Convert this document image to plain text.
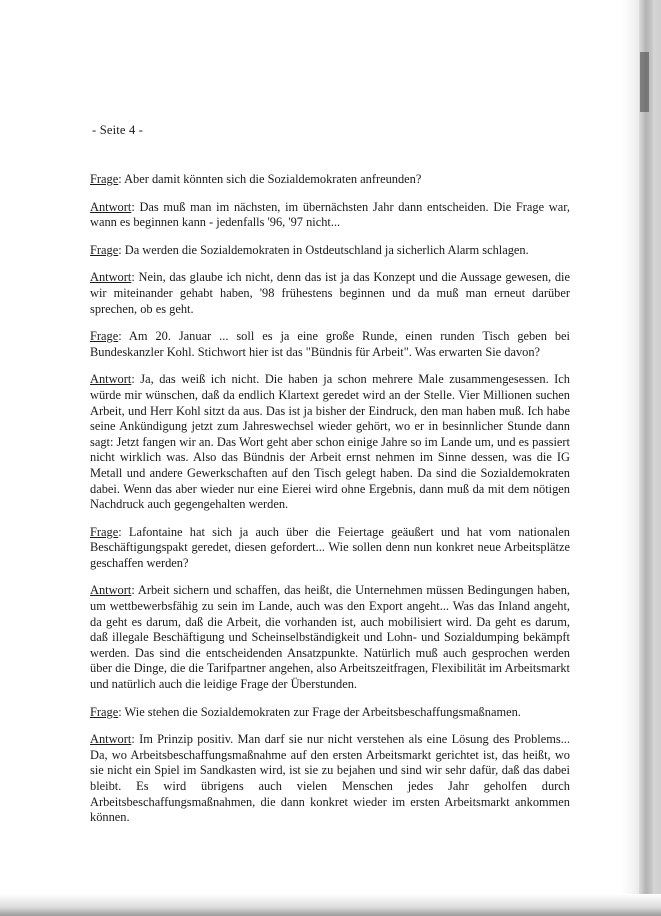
- Seite 4 -

Frage: Aber damit könnten sich die Sozialdemokraten anfreunden?

Antwort: Das muß man im nächsten, im übernächsten Jahr dann entscheiden. Die Frage war, wann es beginnen kann - jedenfalls '96, '97 nicht...

Frage: Da werden die Sozialdemokraten in Ostdeutschland ja sicherlich Alarm schlagen.

Antwort: Nein, das glaube ich nicht, denn das ist ja das Konzept und die Aussage gewesen, die wir miteinander gehabt haben, '98 frühestens beginnen und da muß man erneut darüber sprechen, ob es geht.

Frage: Am 20. Januar ... soll es ja eine große Runde, einen runden Tisch geben bei Bundeskanzler Kohl. Stichwort hier ist das "Bündnis für Arbeit". Was erwarten Sie davon?

Antwort: Ja, das weiß ich nicht. Die haben ja schon mehrere Male zusammengesessen. Ich würde mir wünschen, daß da endlich Klartext geredet wird an der Stelle. Vier Millionen suchen Arbeit, und Herr Kohl sitzt da aus. Das ist ja bisher der Eindruck, den man haben muß. Ich habe seine Ankündigung jetzt zum Jahreswechsel wieder gehört, wo er in besinnlicher Stunde dann sagt: Jetzt fangen wir an. Das Wort geht aber schon einige Jahre so im Lande um, und es passiert nicht wirklich was. Also das Bündnis der Arbeit ernst nehmen im Sinne dessen, was die IG Metall und andere Gewerkschaften auf den Tisch gelegt haben. Da sind die Sozialdemokraten dabei. Wenn das aber wieder nur eine Eierei wird ohne Ergebnis, dann muß da mit dem nötigen Nachdruck auch gegengehalten werden.

Frage: Lafontaine hat sich ja auch über die Feiertage geäußert und hat vom nationalen Beschäftigungspakt geredet, diesen gefordert... Wie sollen denn nun konkret neue Arbeitsplätze geschaffen werden?

Antwort: Arbeit sichern und schaffen, das heißt, die Unternehmen müssen Bedingungen haben, um wettbewerbsfähig zu sein im Lande, auch was den Export angeht... Was das Inland angeht, da geht es darum, daß die Arbeit, die vorhanden ist, auch mobilisiert wird. Da geht es darum, daß illegale Beschäftigung und Scheinselbständigkeit und Lohn- und Sozialdumping bekämpft werden. Das sind die entscheidenden Ansatzpunkte. Natürlich muß auch gesprochen werden über die Dinge, die die Tarifpartner angehen, also Arbeitszeitfragen, Flexibilität im Arbeitsmarkt und natürlich auch die leidige Frage der Überstunden.

Frage: Wie stehen die Sozialdemokraten zur Frage der Arbeitsbeschaffungsmaßnamen.

Antwort: Im Prinzip positiv. Man darf sie nur nicht verstehen als eine Lösung des Problems... Da, wo Arbeitsbeschaffungsmaßnahme auf den ersten Arbeitsmarkt gerichtet ist, das heißt, wo sie nicht ein Spiel im Sandkasten wird, ist sie zu bejahen und sind wir sehr dafür, daß das dabei bleibt. Es wird übrigens auch vielen Menschen jedes Jahr geholfen durch Arbeitsbeschaffungsmaßnahmen, die dann konkret wieder im ersten Arbeitsmarkt ankommen können.
